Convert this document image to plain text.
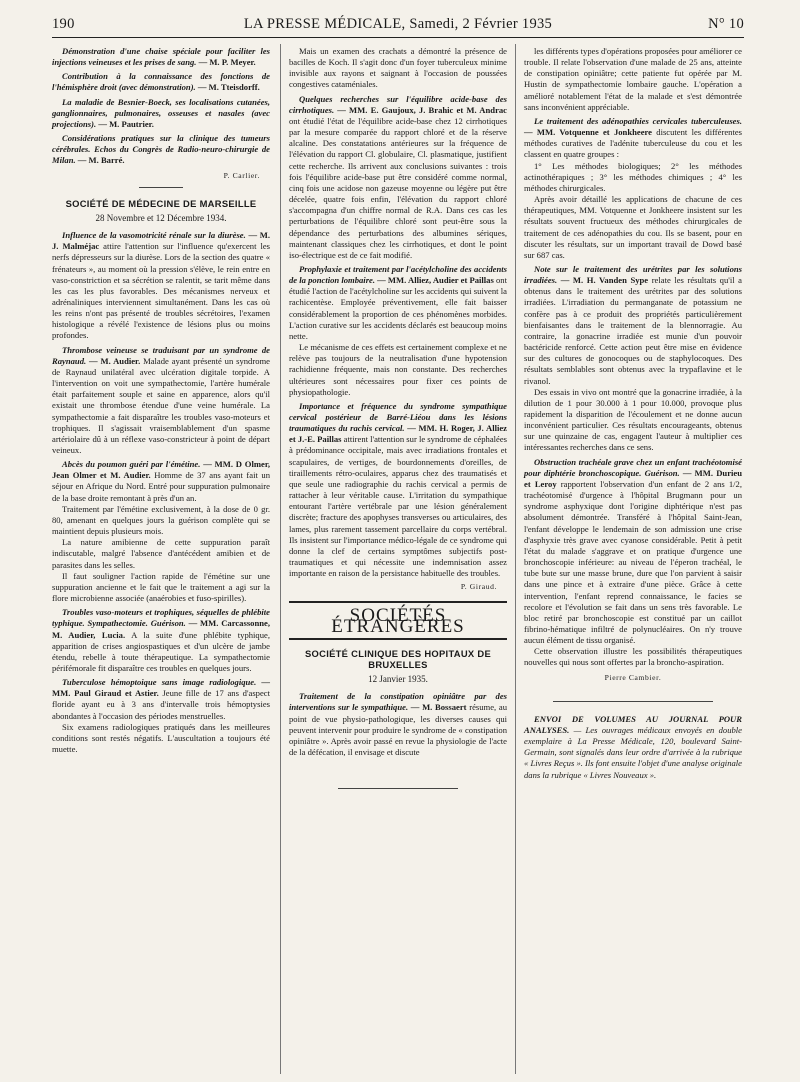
190	LA PRESSE MÉDICALE, Samedi, 2 Février 1935	N° 10

Démonstration d'une chaise spéciale pour faciliter les injections veineuses et les prises de sang. — M. P. Meyer.

Contribution à la connaissance des fonctions de l'hémisphère droit (avec démonstration). — M. Tteisdorff.

La maladie de Besnier-Boeck, ses localisations cutanées, ganglionnaires, pulmonaires, osseuses et nasales (avec projections). — M. Pautrier.

Considérations pratiques sur la clinique des tumeurs cérébrales. Echos du Congrès de Radio-neuro-chirurgie de Milan. — M. Barré.

P. Carlier.

SOCIÉTÉ DE MÉDECINE DE MARSEILLE
28 Novembre et 12 Décembre 1934.

Influence de la vasomotricité rénale sur la diurèse. — M. J. Malméjac attire l'attention sur l'influence qu'exercent les nerfs dépresseurs sur la diurèse. Lors de la section des quatre « frénateurs », au moment où la pression s'élève, le rein entre en vaso-constriction et sa sécrétion se ralentit, se tarit même dans les cas les plus favorables. Des mécanismes nerveux et adrénaliniques interviennent simultanément. Dans les cas où les reins n'ont pas présenté de troubles sécrétoires, l'examen histologique a révélé l'existence de lésions plus ou moins profondes.

Thrombose veineuse se traduisant par un syndrome de Raynaud. — M. Audier. Malade ayant présenté un syndrome de Raynaud unilatéral avec ulcération digitale torpide. A l'intervention on voit une sympathectomie, l'artère humérale était parfaitement souple et saine en apparence, alors qu'il existait une thrombose étendue d'une veine humérale. La sympathectomie a fait disparaître les troubles vaso-moteurs et trophiques. Il s'agissait vraisemblablement d'un spasme artériolaire dû à un réflexe vaso-constricteur à point de départ veineux.

Abcès du poumon guéri par l'émétine. — MM. D Olmer, Jean Olmer et M. Audier. Homme de 37 ans ayant fait un séjour en Afrique du Nord. Entré pour suppuration pulmonaire de la base droite remontant à près d'un an.

Traitement par l'émétine exclusivement, à la dose de 0 gr. 80, amenant en quelques jours la guérison complète qui se maintient depuis plusieurs mois.

La nature amibienne de cette suppuration paraît indiscutable, malgré l'absence d'antécédent amibien et de parasites dans les selles.

Il faut souligner l'action rapide de l'émétine sur une suppuration ancienne et le fait que le traitement a agi sur la flore microbienne associée (anaérobies et fuso-spirilles).

Troubles vaso-moteurs et trophiques, séquelles de phlébite typhique. Sympathectomie. Guérison. — MM. Carcassonne, M. Audier, Lucia. A la suite d'une phlébite typhique, apparition de crises angiospastiques et d'un ulcère de jambe étendu, rebelle à toute thérapeutique. La sympathectomie périfémorale fit disparaître ces troubles en quelques jours.

Tuberculose hémoptoique sans image radiologique. — MM. Paul Giraud et Astier. Jeune fille de 17 ans d'aspect floride ayant eu à 3 ans d'intervalle trois hémoptysies abondantes à l'occasion des périodes menstruelles.

Six examens radiologiques pratiqués dans les meilleures conditions sont restés négatifs. L'auscultation a toujours été muette.

Mais un examen des crachats a démontré la présence de bacilles de Koch. Il s'agit donc d'un foyer tuberculeux minime invisible aux rayons et saignant à l'occasion de poussées congestives cataméniales.

Quelques recherches sur l'équilibre acide-base des cirrhotiques. — MM. E. Gaujoux, J. Brahic et M. Andrac ont étudié l'état de l'équilibre acide-base chez 12 cirrhotiques par la mesure comparée du rapport chloré et de la réserve alcaline. Des constatations antérieures sur la fréquence de l'élévation du rapport Cl. globulaire, Cl. plasmatique, justifient cette recherche. Ils arrivent aux conclusions suivantes : trois fois l'équilibre acide-base put être considéré comme normal, cinq fois une acidose non gazeuse moyenne ou légère put être décelée, quatre fois enfin, l'élévation du rapport chloré s'accompagna d'un chiffre normal de R.A. Dans ces cas les perturbations de l'équilibre chloré sont peut-être sous la dépendance des perturbations des albumines sériques, maintenant classiques chez les cirrhotiques, et dont le point iso-électrique est de ce fait modifié.

Prophylaxie et traitement par l'acétylcholine des accidents de la ponction lombaire. — MM. Alliez, Audier et Paillas ont étudié l'action de l'acétylcholine sur les accidents qui suivent la rachicentèse. Employée préventivement, elle fait baisser considérablement la proportion de ces phénomènes morbides. L'action curative sur les accidents déclarés est beaucoup moins nette.

Le mécanisme de ces effets est certainement complexe et ne relève pas toujours de la neutralisation d'une hypotension rachidienne fréquente, mais non constante. Des recherches ultérieures sont nécessaires pour fixer ces points de physiopathologie.

Importance et fréquence du syndrome sympathique cervical postérieur de Barré-Liéou dans les lésions traumatiques du rachis cervical. — MM. H. Roger, J. Alliez et J.-E. Paillas attirent l'attention sur le syndrome de céphalées à prédominance occipitale, mais avec irradiations frontales et scapulaires, de vertiges, de bourdonnements d'oreilles, de tiraillements rétro-oculaires, apparus chez des traumatisés et que seule une radiographie du rachis cervical a permis de rattacher à leur véritable cause. L'irritation du sympathique entourant l'artère vertébrale par une lésion généralement discrète; fracture des apophyses transverses ou articulaires, des lames, plus rarement tassement parcellaire du corps vertébral. Ils insistent sur l'importance médico-légale de ce syndrome qui donne la clef de certains symptômes subjectifs post-traumatiques et qui nécessite une indemnisation assez importante en raison de la persistance habituelle des troubles.

P. Giraud.

SOCIÉTÉS ÉTRANGÈRES
SOCIÉTÉ CLINIQUE DES HOPITAUX DE BRUXELLES
12 Janvier 1935.

Traitement de la constipation opiniâtre par des interventions sur le sympathique. — M. Bossaert résume, au point de vue physio-pathologique, les diverses causes qui peuvent intervenir pour produire le syndrome de « constipation opiniâtre ». Après avoir passé en revue la physiologie de l'acte de la défécation, il envisage et discute

les différents types d'opérations proposées pour améliorer ce trouble. Il relate l'observation d'une malade de 25 ans, atteinte de constipation opiniâtre; cette patiente fut opérée par M. Hustin de sympathectomie lombaire gauche. L'opération a amélioré notablement l'état de la malade et s'est démontrée sans inconvénient appréciable.

Le traitement des adénopathies cervicales tuberculeuses. — MM. Votquenne et Jonkheere discutent les différentes méthodes curatives de l'adénite tuberculeuse du cou et les classent en quatre groupes :

1° Les méthodes biologiques; 2° les méthodes actinothérapiques ; 3° les méthodes chimiques ; 4° les méthodes chirurgicales.

Après avoir détaillé les applications de chacune de ces thérapeutiques, MM. Votquenne et Jonkheere insistent sur les résultats souvent fructueux des méthodes chirurgicales de traitement de ces adénopathies du cou. Ils se basent, pour en discuter les résultats, sur un important travail de Dowd basé sur 687 cas.

Note sur le traitement des urétrites par les solutions irradiées. — M. H. Vanden Sype relate les résultats qu'il a obtenus dans le traitement des urétrites par des solutions irradiées. L'irradiation du permanganate de potassium ne confère pas à ce produit des propriétés particulièrement bienfaisantes dans le traitement de la blennorragie. Au contraire, la gonacrine irradiée est munie d'un pouvoir bactéricide renforcé. Cette action peut être mise en évidence sur des cultures de gonocoques ou de staphylocoques. Des résultats semblables sont obtenus avec la trypaflavine et le rivanol.

Des essais in vivo ont montré que la gonacrine irradiée, à la dilution de 1 pour 30.000 à 1 pour 10.000, provoque plus rapidement la disparition de l'écoulement et ne donne aucun inconvénient particulier. Ces résultats encourageants, obtenus sur une quinzaine de cas, engagent l'auteur à multiplier ces intéressantes recherches dans ce sens.

Obstruction trachéale grave chez un enfant trachéotomisé pour diphtérie bronchoscopique. Guérison. — MM. Durieu et Leroy rapportent l'observation d'un enfant de 2 ans 1/2, trachéotomisé d'urgence à l'hôpital Brugmann pour un syndrome asphyxique dont l'origine diphtérique n'est pas absolument démontrée. Transféré à l'hôpital Saint-Jean, l'enfant développe le lendemain de son admission une crise d'asphyxie très grave avec cyanose considérable. Petit à petit l'état du malade s'aggrave et on pratique d'urgence une bronchoscopie inférieure: au niveau de l'éperon trachéal, le tube bute sur une masse brune, dure que l'on parvient à saisir dans une pince et à extraire d'une pièce. Grâce à cette intervention, l'enfant reprend connaissance, le facies se recolore et l'évolution se fait dans un sens très favorable. Le bloc retiré par bronchoscopie est constitué par un caillot fibrino-hématique infiltré de polynucléaires. On n'y trouve aucun élément de tissu organisé.

Cette observation illustre les possibilités thérapeutiques nouvelles qui nous sont offertes par la broncho-aspiration.

Pierre Cambier.

ENVOI DE VOLUMES AU JOURNAL POUR ANALYSES. — Les ouvrages médicaux envoyés en double exemplaire à La Presse Médicale, 120, boulevard Saint-Germain, sont signalés dans leur ordre d'arrivée à la rubrique « Livres Reçus ». Ils font ensuite l'objet d'une analyse originale dans la rubrique « Livres Nouveaux ».
